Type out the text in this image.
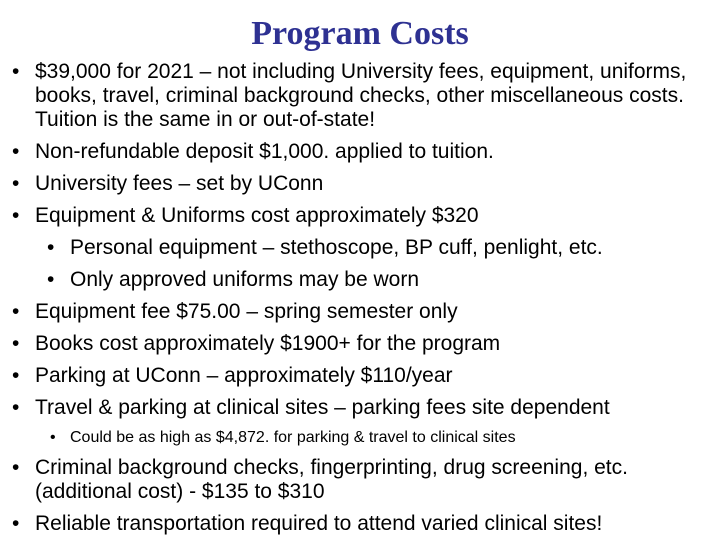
Program Costs
• $39,000 for 2021 – not including University fees, equipment, uniforms, books, travel, criminal background checks, other miscellaneous costs. Tuition is the same in or out-of-state!
• Non-refundable deposit $1,000. applied to tuition.
• University fees – set by UConn
• Equipment & Uniforms cost approximately $320
• Personal equipment – stethoscope, BP cuff, penlight, etc.
• Only approved uniforms may be worn
• Equipment fee $75.00 – spring semester only
• Books cost approximately $1900+ for the program
• Parking at UConn – approximately $110/year
• Travel & parking at clinical sites – parking fees site dependent
• Could be as high as $4,872. for parking & travel to clinical sites
• Criminal background checks, fingerprinting, drug screening, etc.(additional cost) - $135 to $310
• Reliable transportation required to attend varied clinical sites!
